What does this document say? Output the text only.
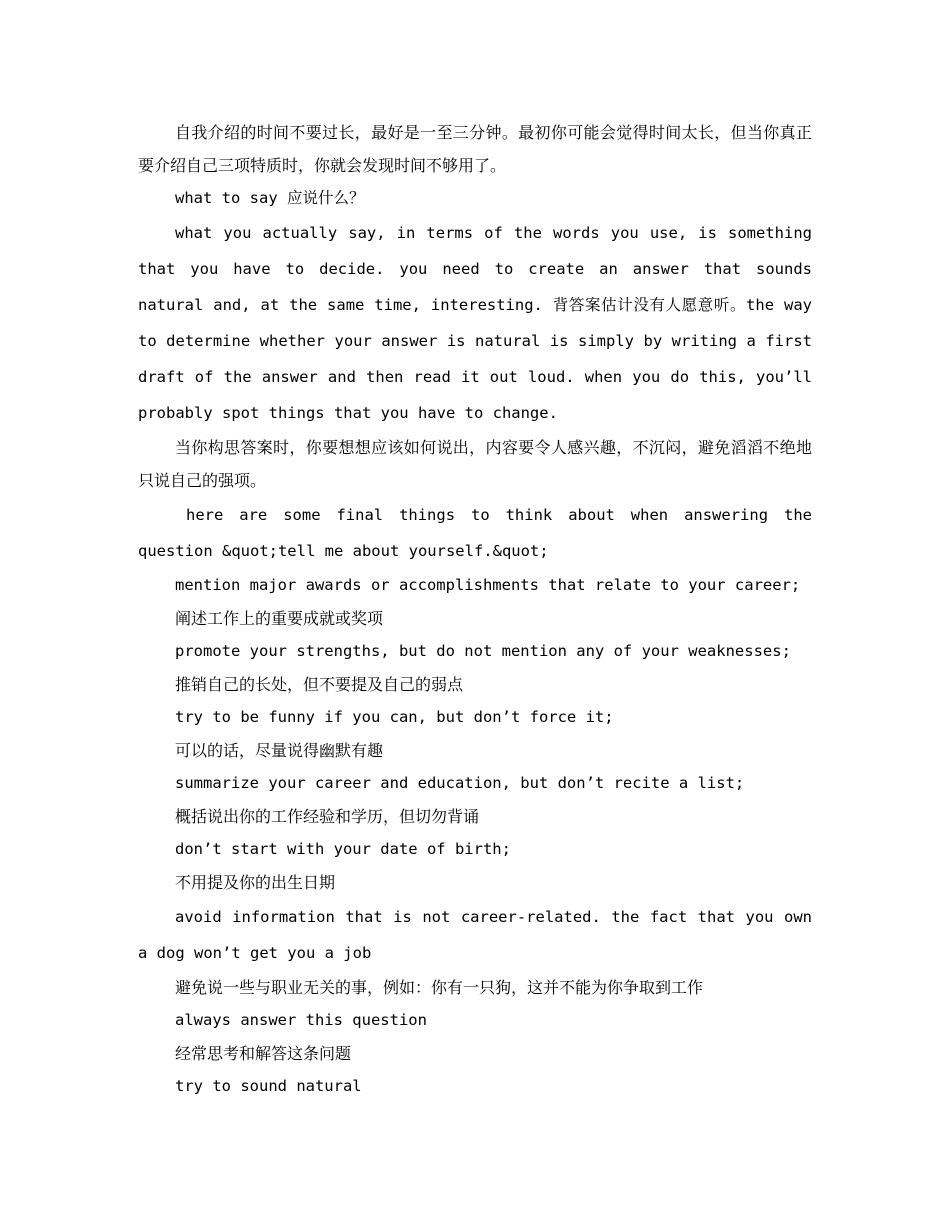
自我介绍的时间不要过长，最好是一至三分钟。最初你可能会觉得时间太长，但当你真正要介绍自己三项特质时，你就会发现时间不够用了。

what to say 应说什么？

what you actually say, in terms of the words you use, is something that you have to decide. you need to create an answer that sounds natural and, at the same time, interesting. 背答案估计没有人愿意听。the way to determine whether your answer is natural is simply by writing a first draft of the answer and then read it out loud. when you do this, you’ll probably spot things that you have to change.

当你构思答案时，你要想想应该如何说出，内容要令人感兴趣，不沉闷，避免滔滔不绝地只说自己的强项。

here are some final things to think about when answering the question &quot;tell me about yourself.&quot;

mention major awards or accomplishments that relate to your career;

阐述工作上的重要成就或奖项

promote your strengths, but do not mention any of your weaknesses;

推销自己的长处，但不要提及自己的弱点

try to be funny if you can, but don’t force it;

可以的话，尽量说得幽默有趣

summarize your career and education, but don’t recite a list;

概括说出你的工作经验和学历，但切勿背诵

don’t start with your date of birth;

不用提及你的出生日期

avoid information that is not career-related. the fact that you own a dog won’t get you a job

避免说一些与职业无关的事，例如：你有一只狗，这并不能为你争取到工作

always answer this question

经常思考和解答这条问题

try to sound natural
